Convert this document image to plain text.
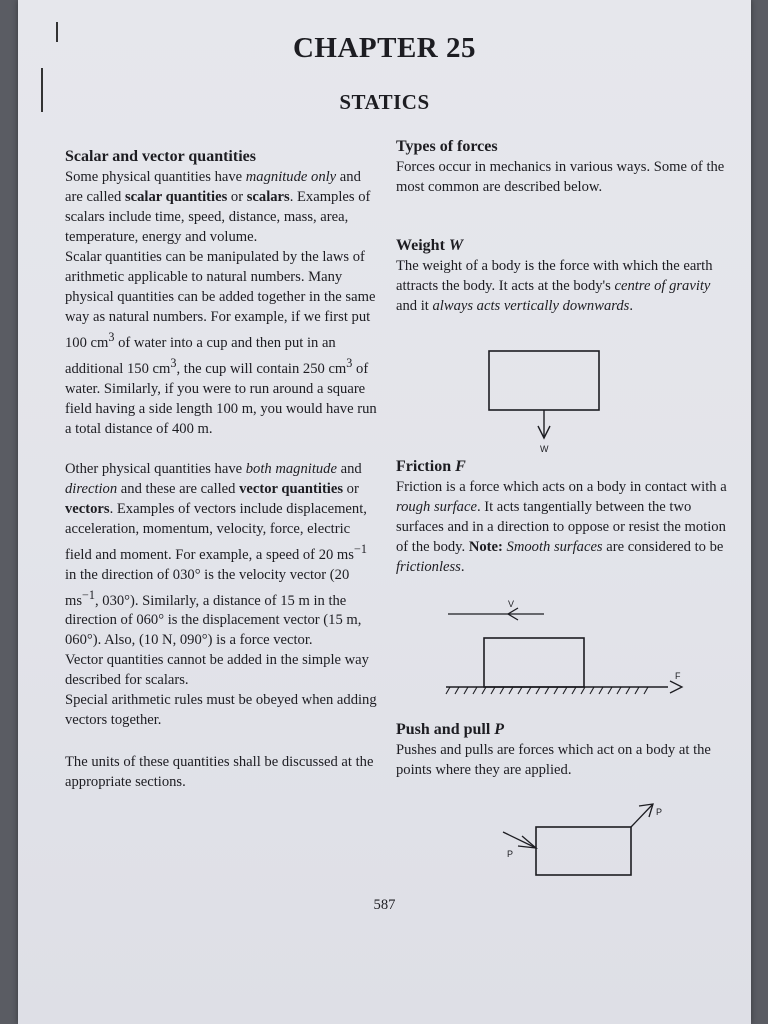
CHAPTER 25
STATICS

Scalar and vector quantities

Some physical quantities have magnitude only and are called scalar quantities or scalars. Examples of scalars include time, speed, distance, mass, area, temperature, energy and volume.

Scalar quantities can be manipulated by the laws of arithmetic applicable to natural numbers. Many physical quantities can be added together in the same way as natural numbers. For example, if we first put 100 $cm^3$ of water into a cup and then put in an additional 150 $cm^3$, the cup will contain 250 $cm^3$ of water. Similarly, if you were to run around a square field having a side length 100 m, you would have run a total distance of 400 m.

Other physical quantities have both magnitude and direction and these are called vector quantities or vectors. Examples of vectors include displacement, acceleration, momentum, velocity, force, electric field and moment. For example, a speed of 20 $ms^{-1}$ in the direction of 030° is the velocity vector (20 $ms^{-1}$, 030°). Similarly, a distance of 15 m in the direction of 060° is the displacement vector (15 m, 060°). Also, (10 N, 090°) is a force vector.

Vector quantities cannot be added in the simple way described for scalars.

Special arithmetic rules must be obeyed when adding vectors together.

The units of these quantities shall be discussed at the appropriate sections.

Types of forces

Forces occur in mechanics in various ways. Some of the most common are described below.

Weight W

The weight of a body is the force with which the earth attracts the body. It acts at the body's centre of gravity and it always acts vertically downwards.

W

Friction F

Friction is a force which acts on a body in contact with a rough surface. It acts tangentially between the two surfaces and in a direction to oppose or resist the motion of the body. Note: Smooth surfaces are considered to be frictionless.

V
F

Push and pull P

Pushes and pulls are forces which act on a body at the points where they are applied.

P
P
587
